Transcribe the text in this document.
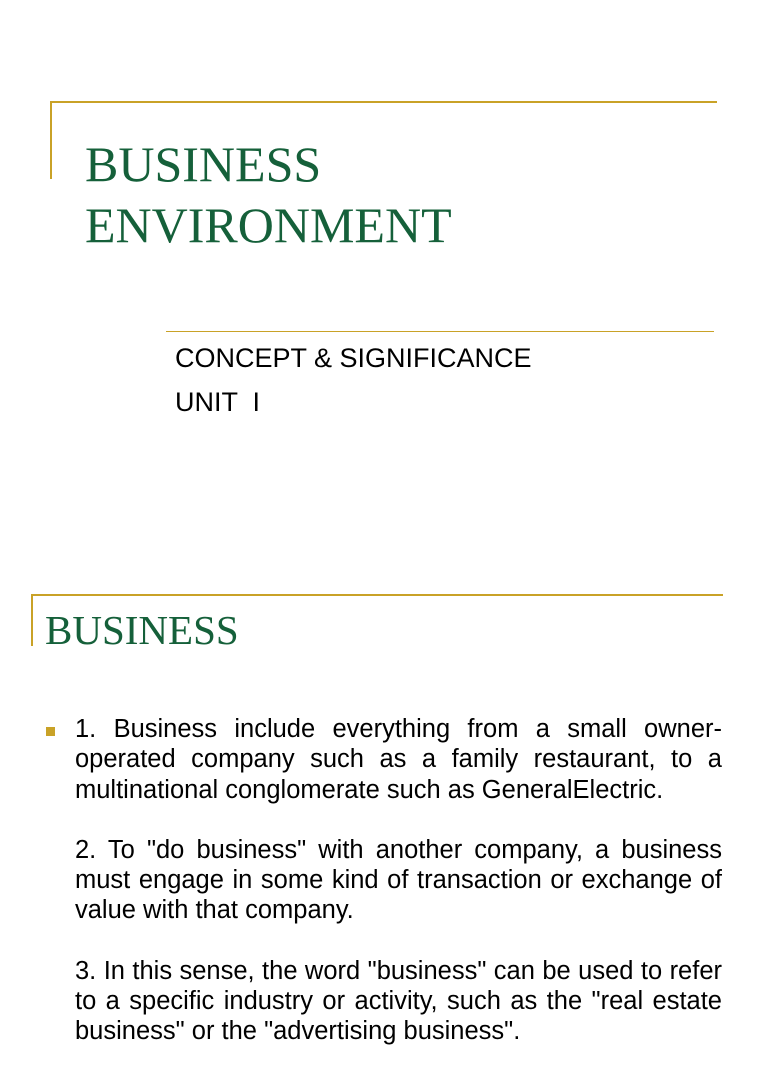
BUSINESS
ENVIRONMENT
CONCEPT & SIGNIFICANCE
UNIT  I
BUSINESS

1. Business include everything from a small owner-operated company such as a family restaurant, to a multinational conglomerate such as GeneralElectric.

2. To "do business" with another company, a business must engage in some kind of transaction or exchange of value with that company.

3. In this sense, the word "business" can be used to refer to a specific industry or activity, such as the "real estate business" or the "advertising business".
